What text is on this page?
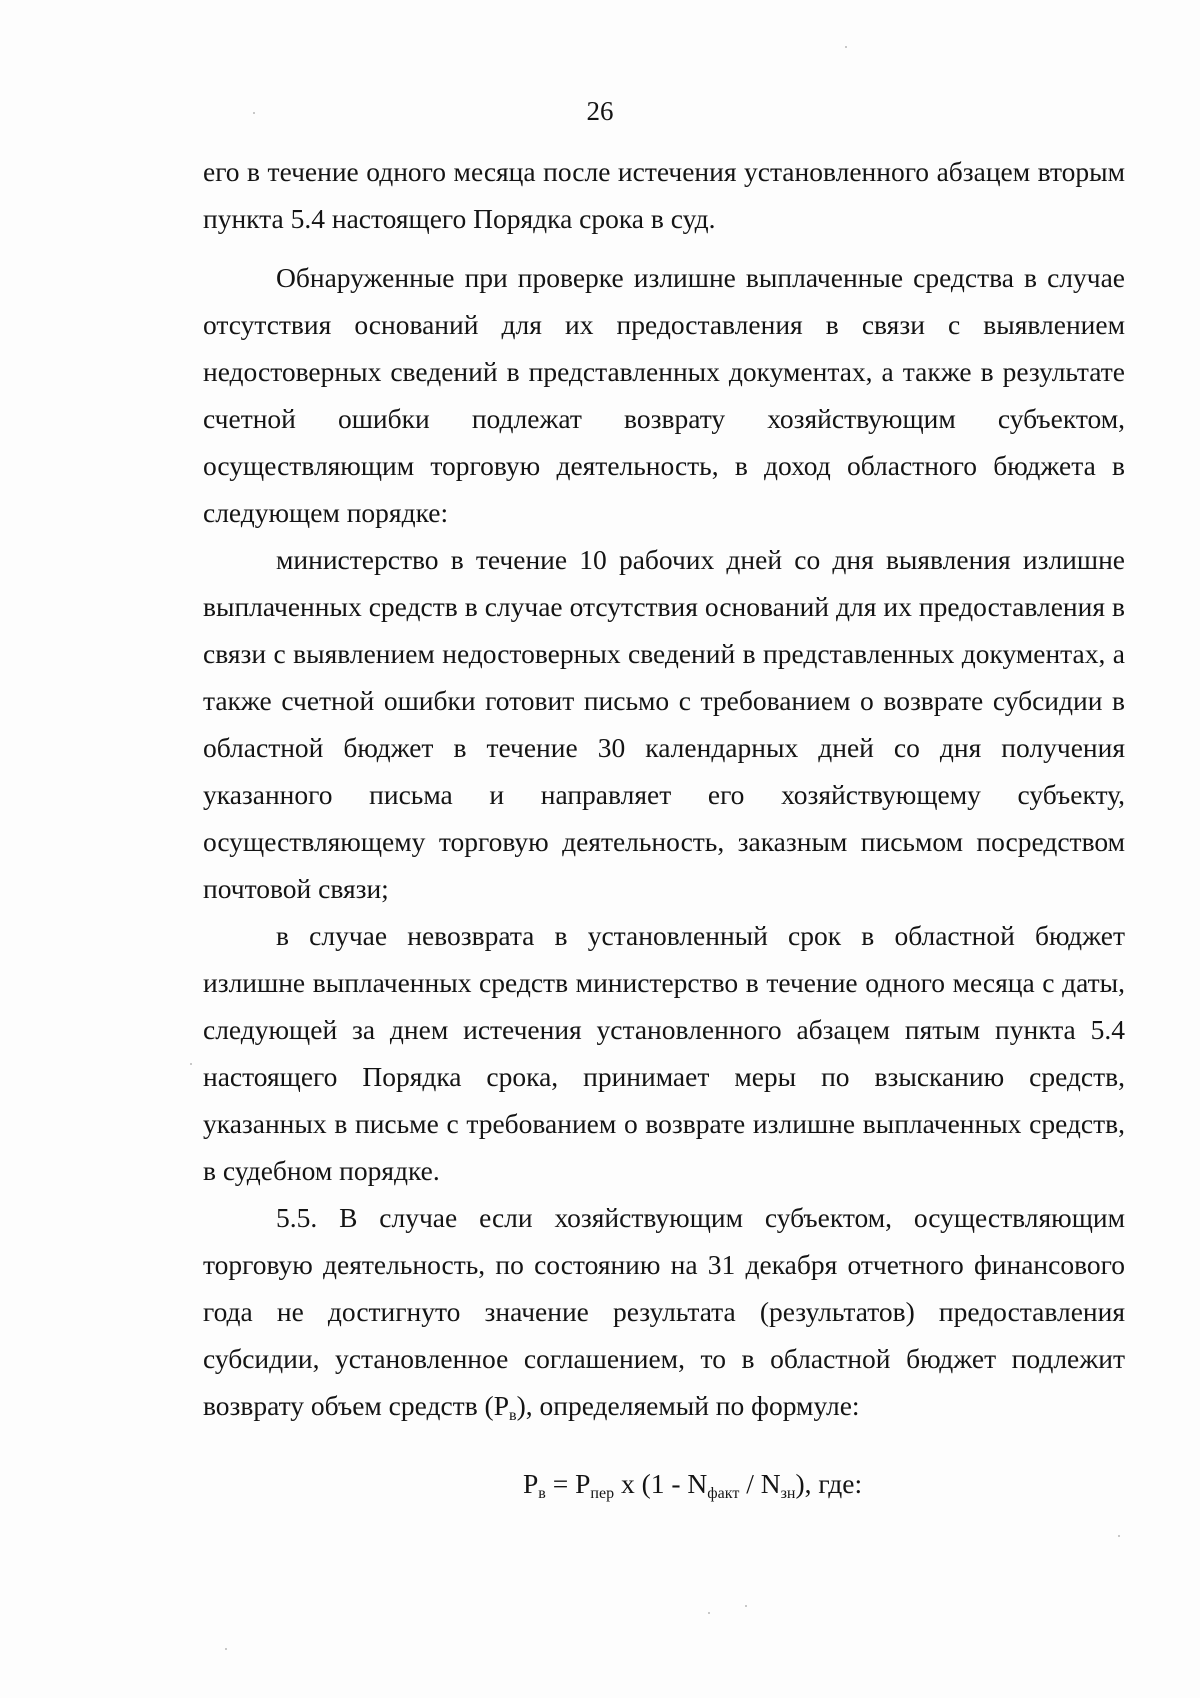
26

его в течение одного месяца после истечения установленного абзацем вторым пункта 5.4 настоящего Порядка срока в суд.

Обнаруженные при проверке излишне выплаченные средства в случае отсутствия оснований для их предоставления в связи с выявлением недостоверных сведений в представленных документах, а также в результате счетной ошибки подлежат возврату хозяйствующим субъектом, осуществляющим торговую деятельность, в доход областного бюджета в следующем порядке:

министерство в течение 10 рабочих дней со дня выявления излишне выплаченных средств в случае отсутствия оснований для их предоставления в связи с выявлением недостоверных сведений в представленных документах, а также счетной ошибки готовит письмо с требованием о возврате субсидии в областной бюджет в течение 30 календарных дней со дня получения указанного письма и направляет его хозяйствующему субъекту, осуществляющему торговую деятельность, заказным письмом посредством почтовой связи;

в случае невозврата в установленный срок в областной бюджет излишне выплаченных средств министерство в течение одного месяца с даты, следующей за днем истечения установленного абзацем пятым пункта 5.4 настоящего Порядка срока, принимает меры по взысканию средств, указанных в письме с требованием о возврате излишне выплаченных средств, в судебном порядке.

5.5. В случае если хозяйствующим субъектом, осуществляющим торговую деятельность, по состоянию на 31 декабря отчетного финансового года не достигнуто значение результата (результатов) предоставления субсидии, установленное соглашением, то в областной бюджет подлежит возврату объем средств $(Р_в)$, определяемый по формуле:

$Р_в = Р_{пер}$ х $(1 - N_{факт} / N_{зн})$, где:
